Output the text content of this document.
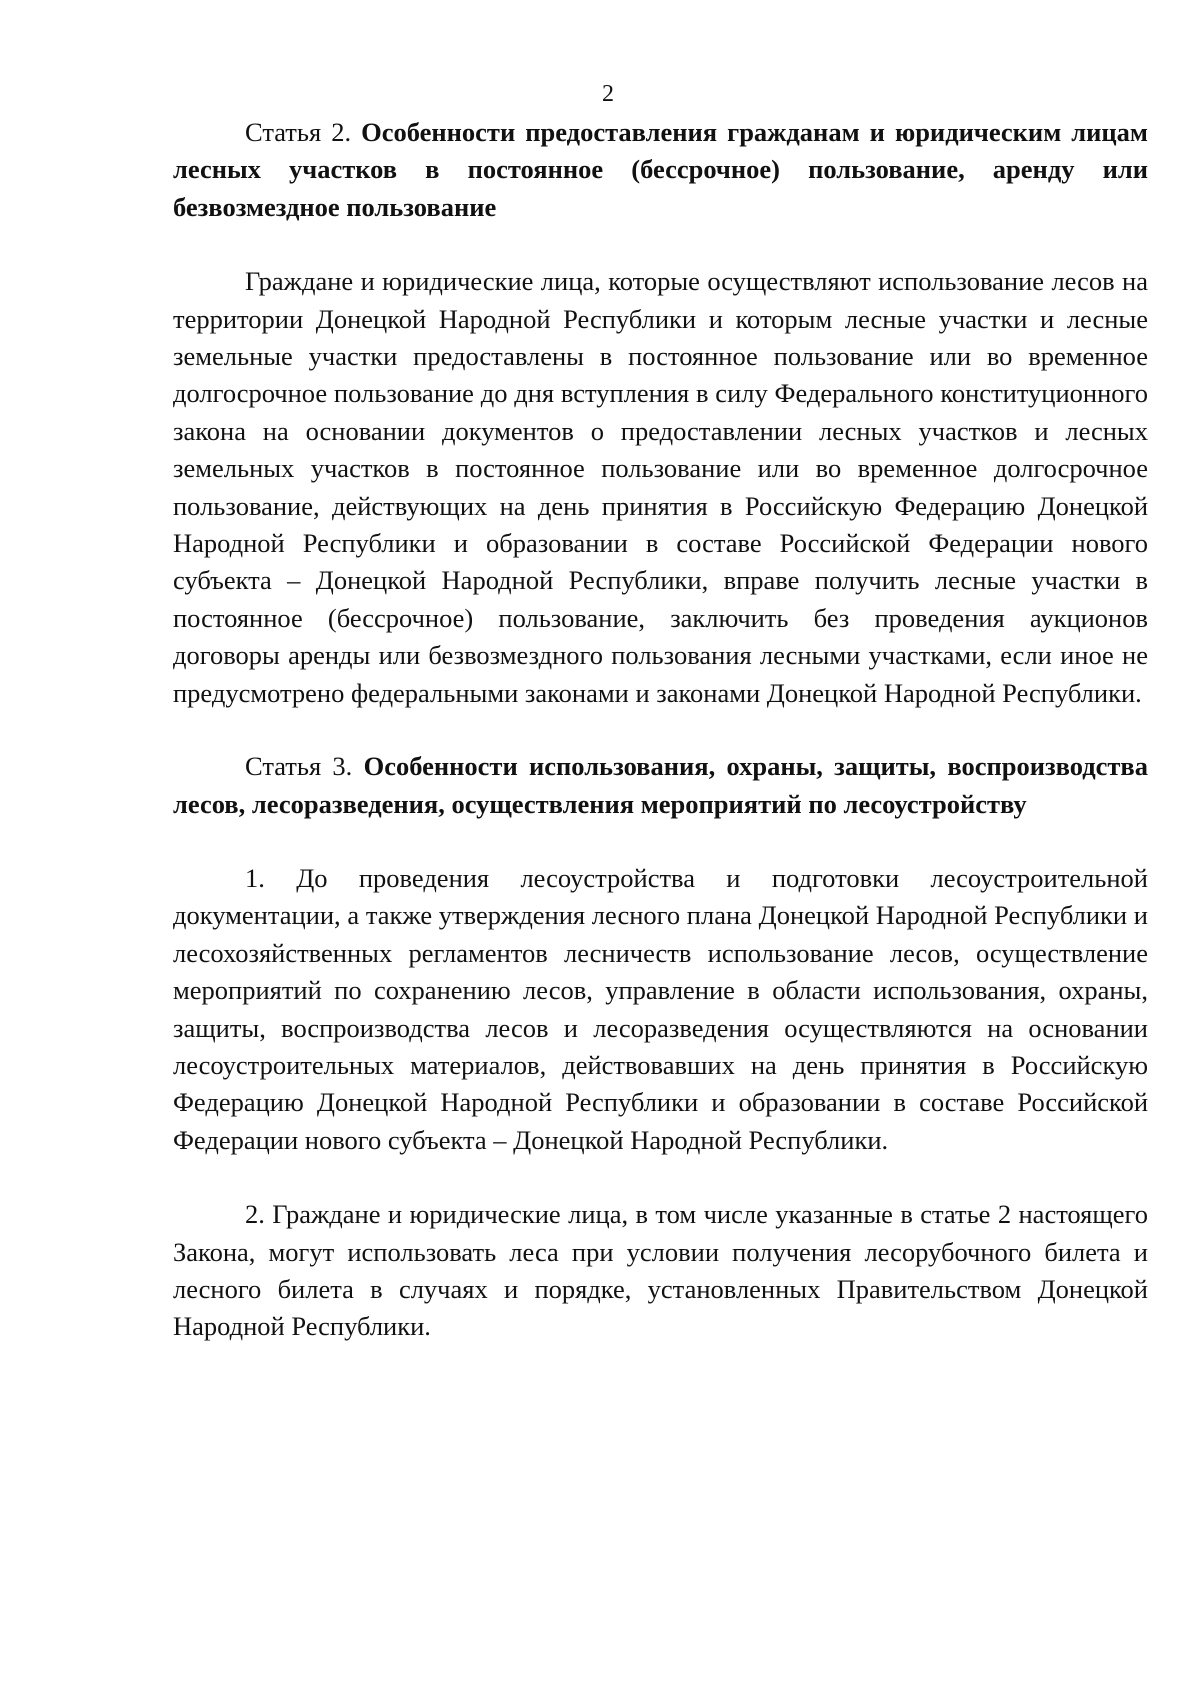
2

Статья 2. Особенности предоставления гражданам и юридическим лицам лесных участков в постоянное (бессрочное) пользование, аренду или безвозмездное пользование

Граждане и юридические лица, которые осуществляют использование лесов на территории Донецкой Народной Республики и которым лесные участки и лесные земельные участки предоставлены в постоянное пользование или во временное долгосрочное пользование до дня вступления в силу Федерального конституционного закона на основании документов о предоставлении лесных участков и лесных земельных участков в постоянное пользование или во временное долгосрочное пользование, действующих на день принятия в Российскую Федерацию Донецкой Народной Республики и образовании в составе Российской Федерации нового субъекта – Донецкой Народной Республики, вправе получить лесные участки в постоянное (бессрочное) пользование, заключить без проведения аукционов договоры аренды или безвозмездного пользования лесными участками, если иное не предусмотрено федеральными законами и законами Донецкой Народной Республики.

Статья 3. Особенности использования, охраны, защиты, воспроизводства лесов, лесоразведения, осуществления мероприятий по лесоустройству

1. До проведения лесоустройства и подготовки лесоустроительной документации, а также утверждения лесного плана Донецкой Народной Республики и лесохозяйственных регламентов лесничеств использование лесов, осуществление мероприятий по сохранению лесов, управление в области использования, охраны, защиты, воспроизводства лесов и лесоразведения осуществляются на основании лесоустроительных материалов, действовавших на день принятия в Российскую Федерацию Донецкой Народной Республики и образовании в составе Российской Федерации нового субъекта – Донецкой Народной Республики.

2. Граждане и юридические лица, в том числе указанные в статье 2 настоящего Закона, могут использовать леса при условии получения лесорубочного билета и лесного билета в случаях и порядке, установленных Правительством Донецкой Народной Республики.
